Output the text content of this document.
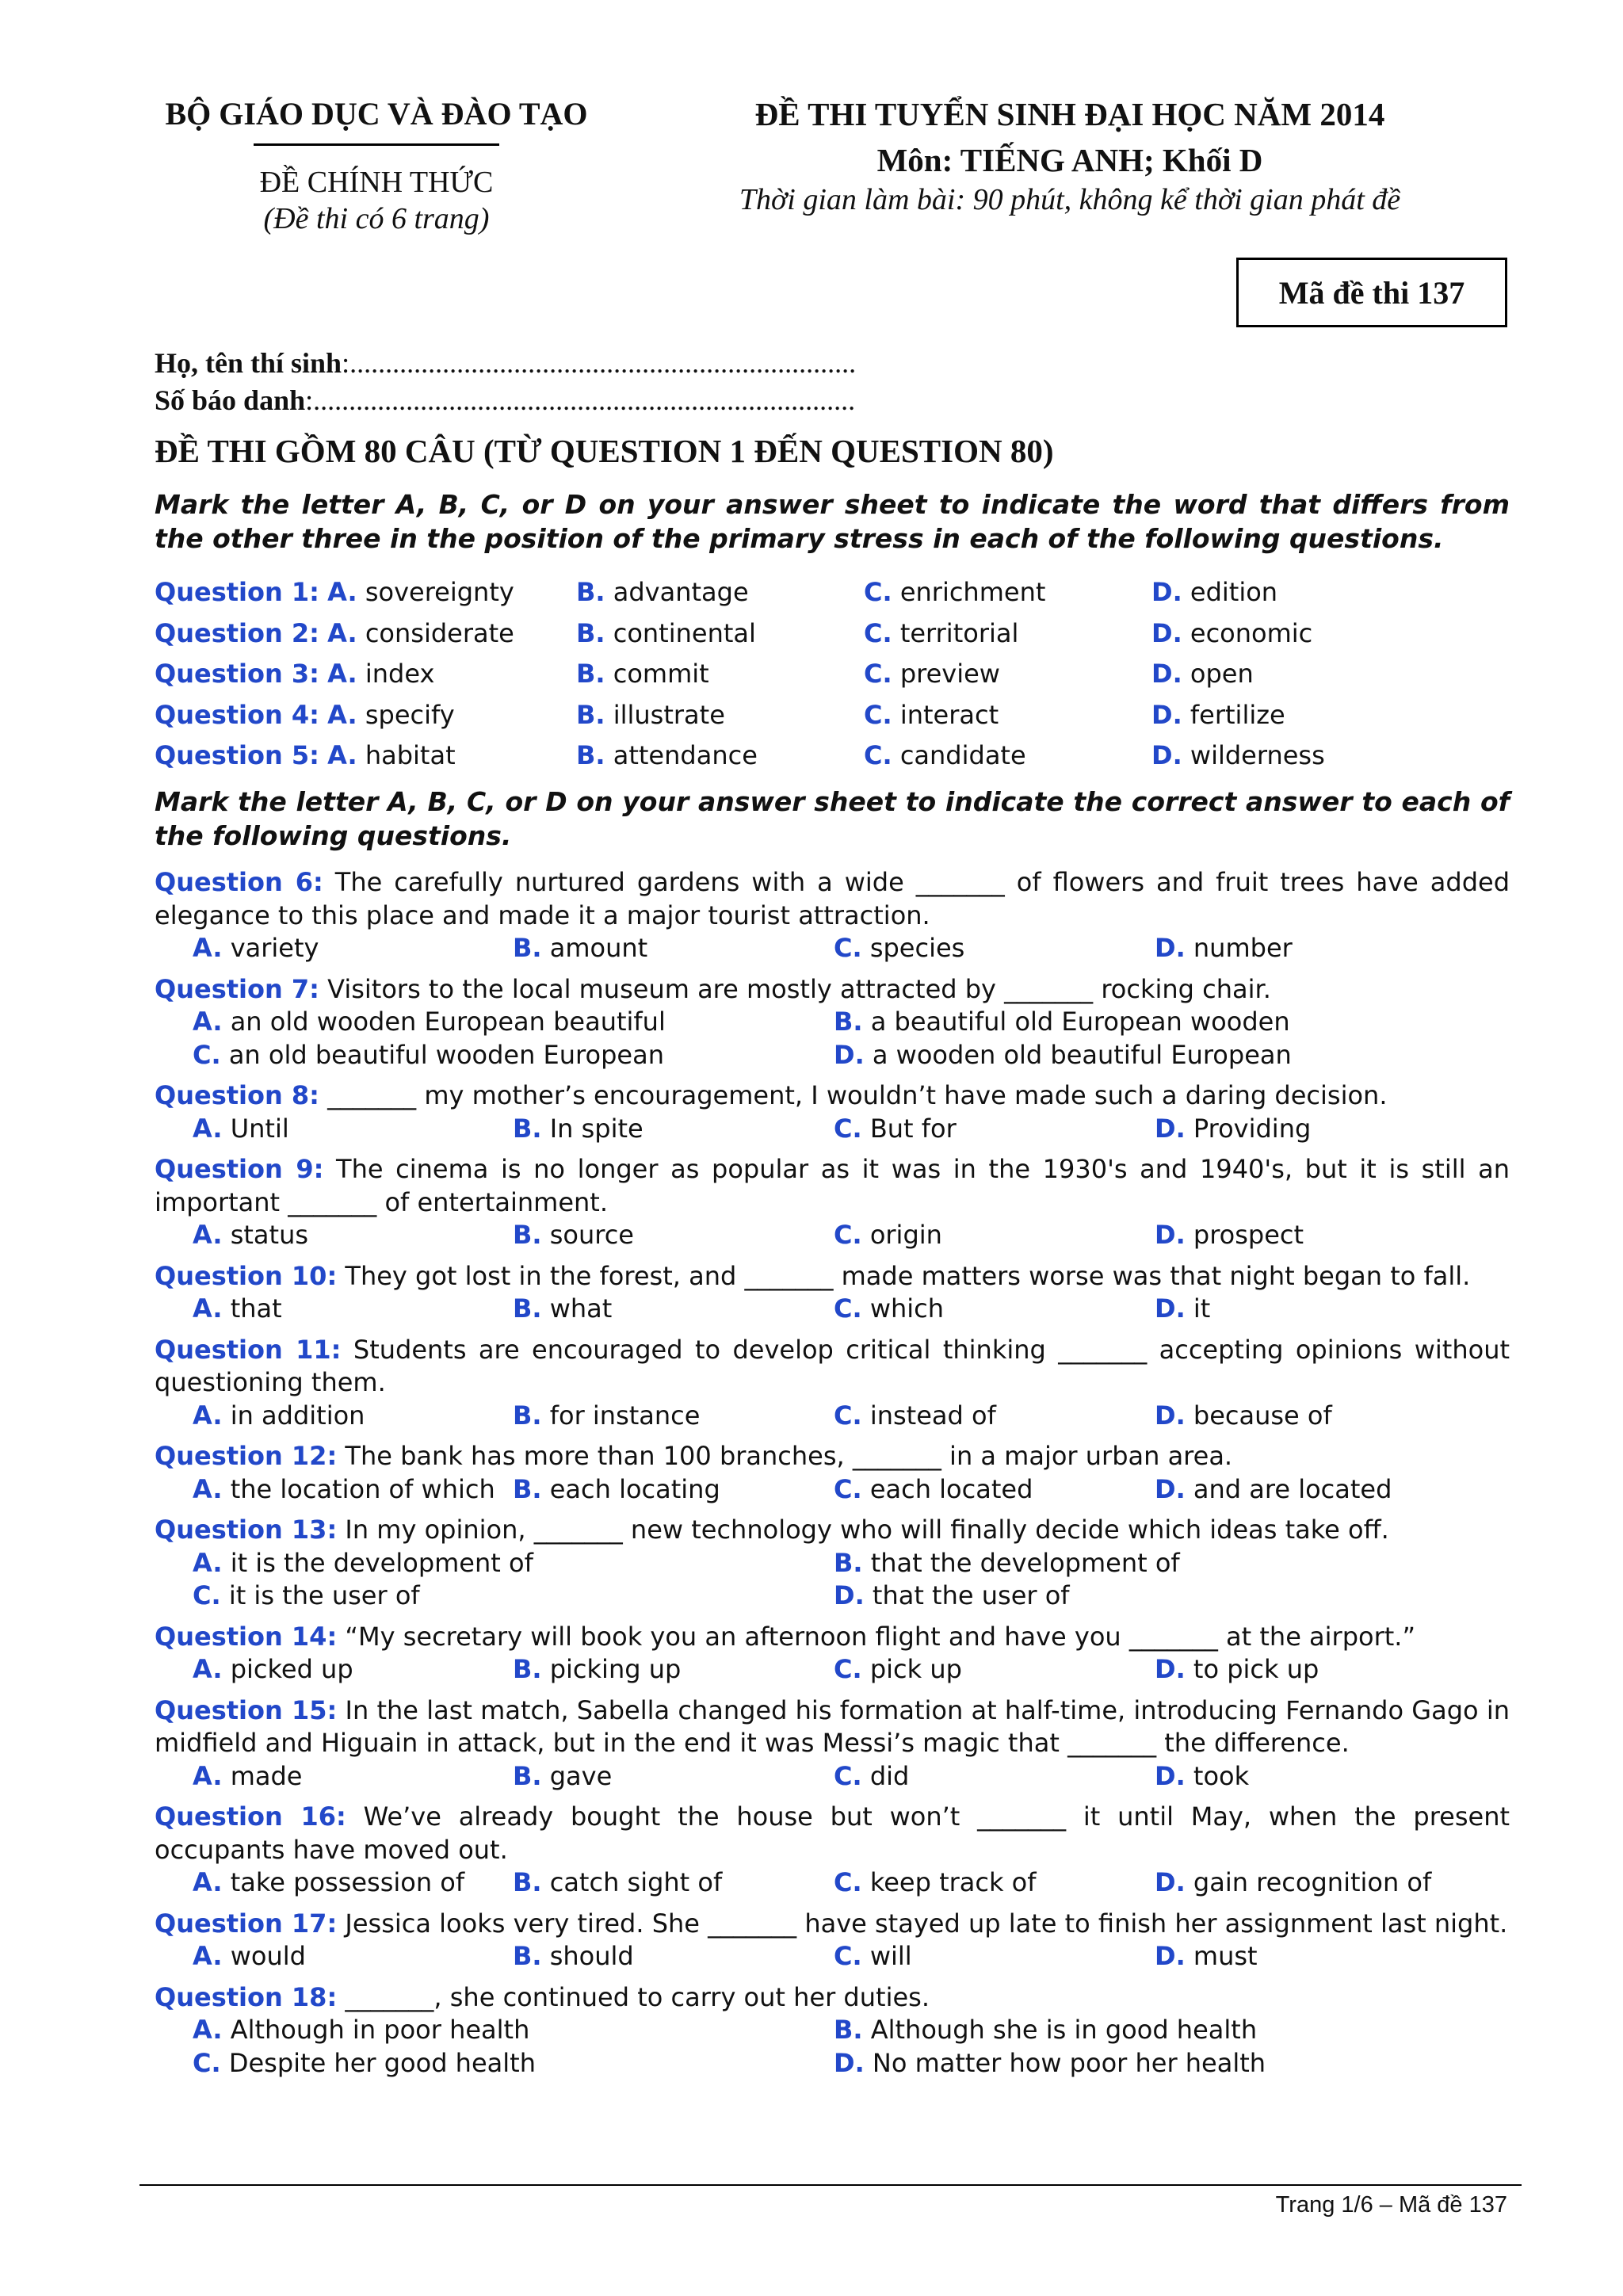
BỘ GIÁO DỤC VÀ ĐÀO TẠO
ĐỀ CHÍNH THỨC
(Đề thi có 6 trang)
ĐỀ THI TUYỂN SINH ĐẠI HỌC NĂM 2014
Môn: TIẾNG ANH; Khối D
Thời gian làm bài: 90 phút, không kể thời gian phát đề
Mã đề thi 137
Họ, tên thí sinh:.......................................................................
Số báo danh:............................................................................
ĐỀ THI GỒM 80 CÂU (TỪ QUESTION 1 ĐẾN QUESTION 80)
Mark the letter A, B, C, or D on your answer sheet to indicate the word that differs from the other three in the position of the primary stress in each of the following questions.
Question 1: A. sovereignty B. advantage	C. enrichment	D. edition
Question 2: A. considerate B. continental	C. territorial	D. economic
Question 3: A. index	B. commit	C. preview	D. open
Question 4: A. specify	B. illustrate	C. interact	D. fertilize
Question 5: A. habitat	B. attendance	C. candidate	D. wilderness
Mark the letter A, B, C, or D on your answer sheet to indicate the correct answer to each of the following questions.
Question 6: The carefully nurtured gardens with a wide _______ of flowers and fruit trees have added elegance to this place and made it a major tourist attraction.
A. variety	B. amount	C. species	D. number
Question 7: Visitors to the local museum are mostly attracted by _______ rocking chair.
A. an old wooden European beautiful	B. a beautiful old European wooden
C. an old beautiful wooden European	D. a wooden old beautiful European
Question 8: _______ my mother’s encouragement, I wouldn’t have made such a daring decision.
A. Until	B. In spite	C. But for	D. Providing
Question 9: The cinema is no longer as popular as it was in the 1930's and 1940's, but it is still an important _______ of entertainment.
A. status	B. source	C. origin	D. prospect
Question 10: They got lost in the forest, and _______ made matters worse was that night began to fall.
A. that	B. what	C. which	D. it
Question 11: Students are encouraged to develop critical thinking _______ accepting opinions without questioning them.
A. in addition	B. for instance	C. instead of	D. because of
Question 12: The bank has more than 100 branches, _______ in a major urban area.
A. the location of which B. each locating	C. each located	D. and are located
Question 13: In my opinion, _______ new technology who will finally decide which ideas take off.
A. it is the development of	B. that the development of
C. it is the user of	D. that the user of
Question 14: “My secretary will book you an afternoon flight and have you _______ at the airport.”
A. picked up	B. picking up	C. pick up	D. to pick up
Question 15: In the last match, Sabella changed his formation at half-time, introducing Fernando Gago in midfield and Higuain in attack, but in the end it was Messi’s magic that _______ the difference.
A. made	B. gave	C. did	D. took
Question 16: We’ve already bought the house but won’t _______ it until May, when the present occupants have moved out.
A. take possession of B. catch sight of	C. keep track of	D. gain recognition of
Question 17: Jessica looks very tired. She _______ have stayed up late to finish her assignment last night.
A. would	B. should	C. will	D. must
Question 18: _______, she continued to carry out her duties.
A. Although in poor health	B. Although she is in good health
C. Despite her good health	D. No matter how poor her health
Trang 1/6 – Mã đề 137
